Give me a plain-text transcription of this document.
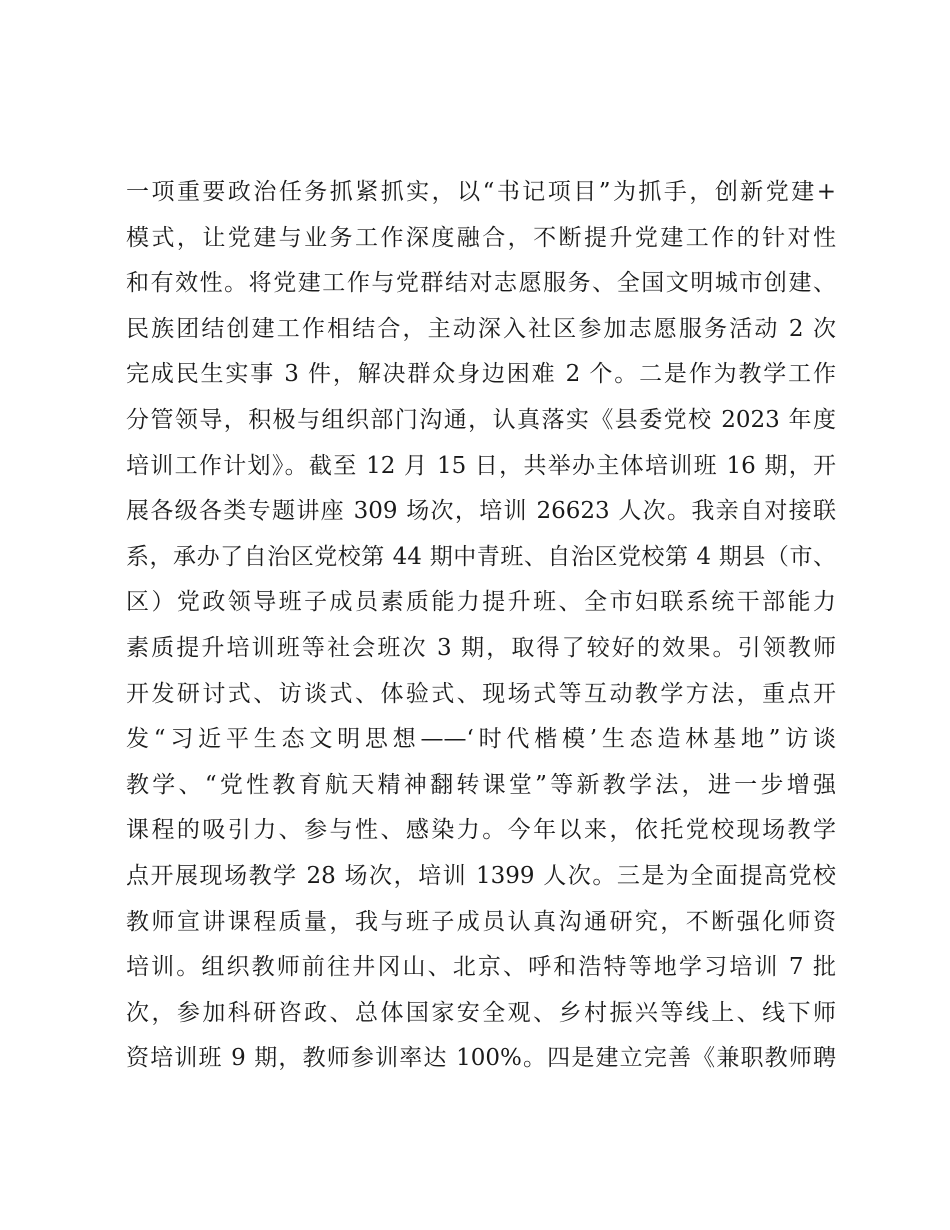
一项重要政治任务抓紧抓实，以“书记项目”为抓手，创新党建+
模式，让党建与业务工作深度融合，不断提升党建工作的针对性
和有效性。将党建工作与党群结对志愿服务、全国文明城市创建、
民族团结创建工作相结合，主动深入社区参加志愿服务活动 2 次
完成民生实事 3 件，解决群众身边困难 2 个。二是作为教学工作
分管领导，积极与组织部门沟通，认真落实《县委党校 2023 年度
培训工作计划》。截至 12 月 15 日，共举办主体培训班 16 期，开
展各级各类专题讲座 309 场次，培训 26623 人次。我亲自对接联
系，承办了自治区党校第 44 期中青班、自治区党校第 4 期县（市、
区）党政领导班子成员素质能力提升班、全市妇联系统干部能力
素质提升培训班等社会班次 3 期，取得了较好的效果。引领教师
开发研讨式、访谈式、体验式、现场式等互动教学方法，重点开
发“习近平生态文明思想——‘时代楷模’生态造林基地”访谈
教学、“党性教育航天精神翻转课堂”等新教学法，进一步增强
课程的吸引力、参与性、感染力。今年以来，依托党校现场教学
点开展现场教学 28 场次，培训 1399 人次。三是为全面提高党校
教师宣讲课程质量，我与班子成员认真沟通研究，不断强化师资
培训。组织教师前往井冈山、北京、呼和浩特等地学习培训 7 批
次，参加科研咨政、总体国家安全观、乡村振兴等线上、线下师
资培训班 9 期，教师参训率达 100%。四是建立完善《兼职教师聘
